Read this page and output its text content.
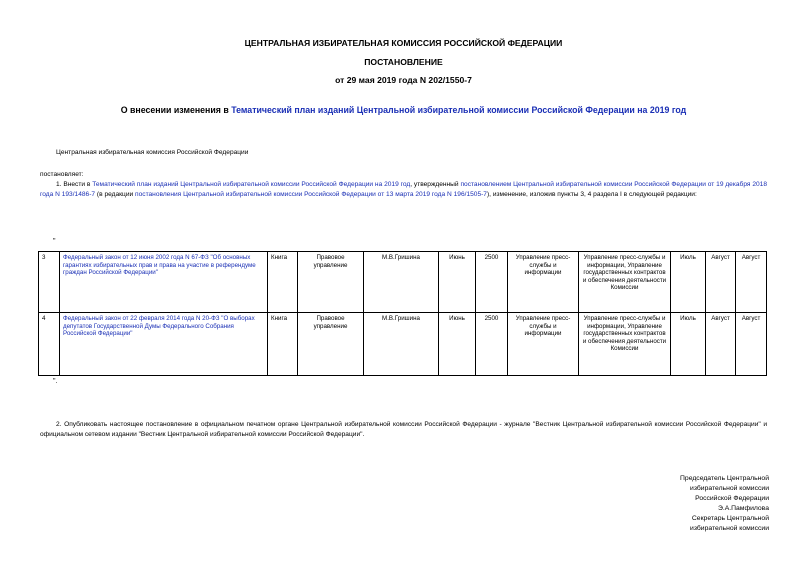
ЦЕНТРАЛЬНАЯ ИЗБИРАТЕЛЬНАЯ КОМИССИЯ РОССИЙСКОЙ ФЕДЕРАЦИИ
ПОСТАНОВЛЕНИЕ
от 29 мая 2019 года N 202/1550-7
О внесении изменения в Тематический план изданий Центральной избирательной комиссии Российской Федерации на 2019 год
Центральная избирательная комиссия Российской Федерации
постановляет:
1. Внести в Тематический план изданий Центральной избирательной комиссии Российской Федерации на 2019 год, утвержденный постановлением Центральной избирательной комиссии Российской Федерации от 19 декабря 2018 года N 193/1486-7 (в редакции постановления Центральной избирательной комиссии Российской Федерации от 13 марта 2019 года N 196/1505-7), изменение, изложив пункты 3, 4 раздела I в следующей редакции:
"
3	Федеральный закон от 12 июня 2002 года N 67-ФЗ "Об основных гарантиях избирательных прав и права на участие в референдуме граждан Российской Федерации"	Книга	Правовое управление	М.В.Гришина	Июнь	2500	Управление пресс-службы и информации	Управление пресс-службы и информации, Управление государственных контрактов и обеспечения деятельности Комиссии	Июль	Август	Август
4	Федеральный закон от 22 февраля 2014 года N 20-ФЗ "О выборах депутатов Государственной Думы Федерального Собрания Российской Федерации"	Книга	Правовое управление	М.В.Гришина	Июнь	2500	Управление пресс-службы и информации	Управление пресс-службы и информации, Управление государственных контрактов и обеспечения деятельности Комиссии	Июль	Август	Август
".
2. Опубликовать настоящее постановление в официальном печатном органе Центральной избирательной комиссии Российской Федерации - журнале "Вестник Центральной избирательной комиссии Российской Федерации" и официальном сетевом издании "Вестник Центральной избирательной комиссии Российской Федерации".
Председатель Центральной
избирательной комиссии
Российской Федерации
Э.А.Памфилова
Секретарь Центральной
избирательной комиссии
